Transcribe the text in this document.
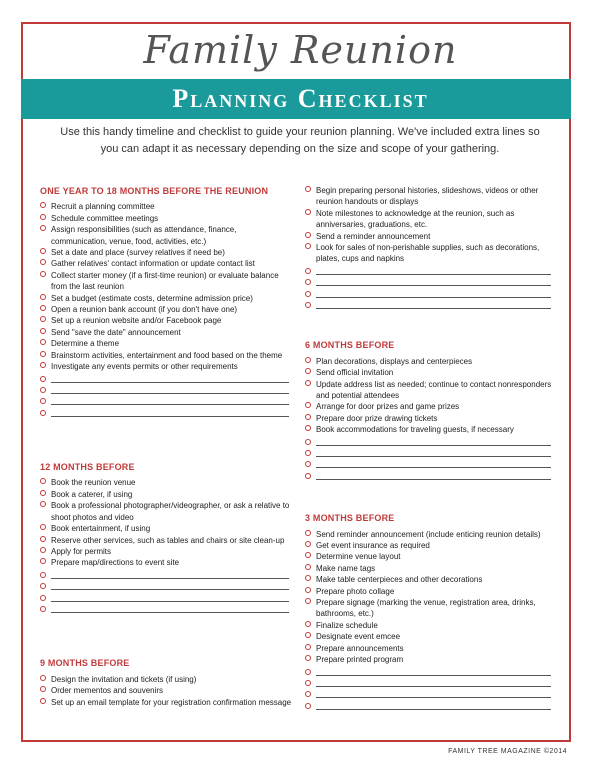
Family Reunion
Planning Checklist
Use this handy timeline and checklist to guide your reunion planning. We've included extra lines so you can adapt it as necessary depending on the size and scope of your gathering.
ONE YEAR TO 18 MONTHS BEFORE THE REUNION
Recruit a planning committee
Schedule committee meetings
Assign responsibilities (such as attendance, finance, communication, venue, food, activities, etc.)
Set a date and place (survey relatives if need be)
Gather relatives' contact information or update contact list
Collect starter money (if a first-time reunion) or evaluate balance from the last reunion
Set a budget (estimate costs, determine admission price)
Open a reunion bank account (if you don't have one)
Set up a reunion website and/or Facebook page
Send "save the date" announcement
Determine a theme
Brainstorm activities, entertainment and food based on the theme
Investigate any events permits or other requirements
12 MONTHS BEFORE
Book the reunion venue
Book a caterer, if using
Book a professional photographer/videographer, or ask a relative to shoot photos and video
Book entertainment, if using
Reserve other services, such as tables and chairs or site clean-up
Apply for permits
Prepare map/directions to event site
9 MONTHS BEFORE
Design the invitation and tickets (if using)
Order mementos and souvenirs
Set up an email template for your registration confirmation message
Begin preparing personal histories, slideshows, videos or other reunion handouts or displays
Note milestones to acknowledge at the reunion, such as anniversaries, graduations, etc.
Send a reminder announcement
Look for sales of non-perishable supplies, such as decorations, plates, cups and napkins
6 MONTHS BEFORE
Plan decorations, displays and centerpieces
Send official invitation
Update address list as needed; continue to contact nonresponders and potential attendees
Arrange for door prizes and game prizes
Prepare door prize drawing tickets
Book accommodations for traveling guests, if necessary
3 MONTHS BEFORE
Send reminder announcement (include enticing reunion details)
Get event insurance as required
Determine venue layout
Make name tags
Make table centerpieces and other decorations
Prepare photo collage
Prepare signage (marking the venue, registration area, drinks, bathrooms, etc.)
Finalize schedule
Designate event emcee
Prepare announcements
Prepare printed program
FAMILY TREE MAGAZINE ©2014
